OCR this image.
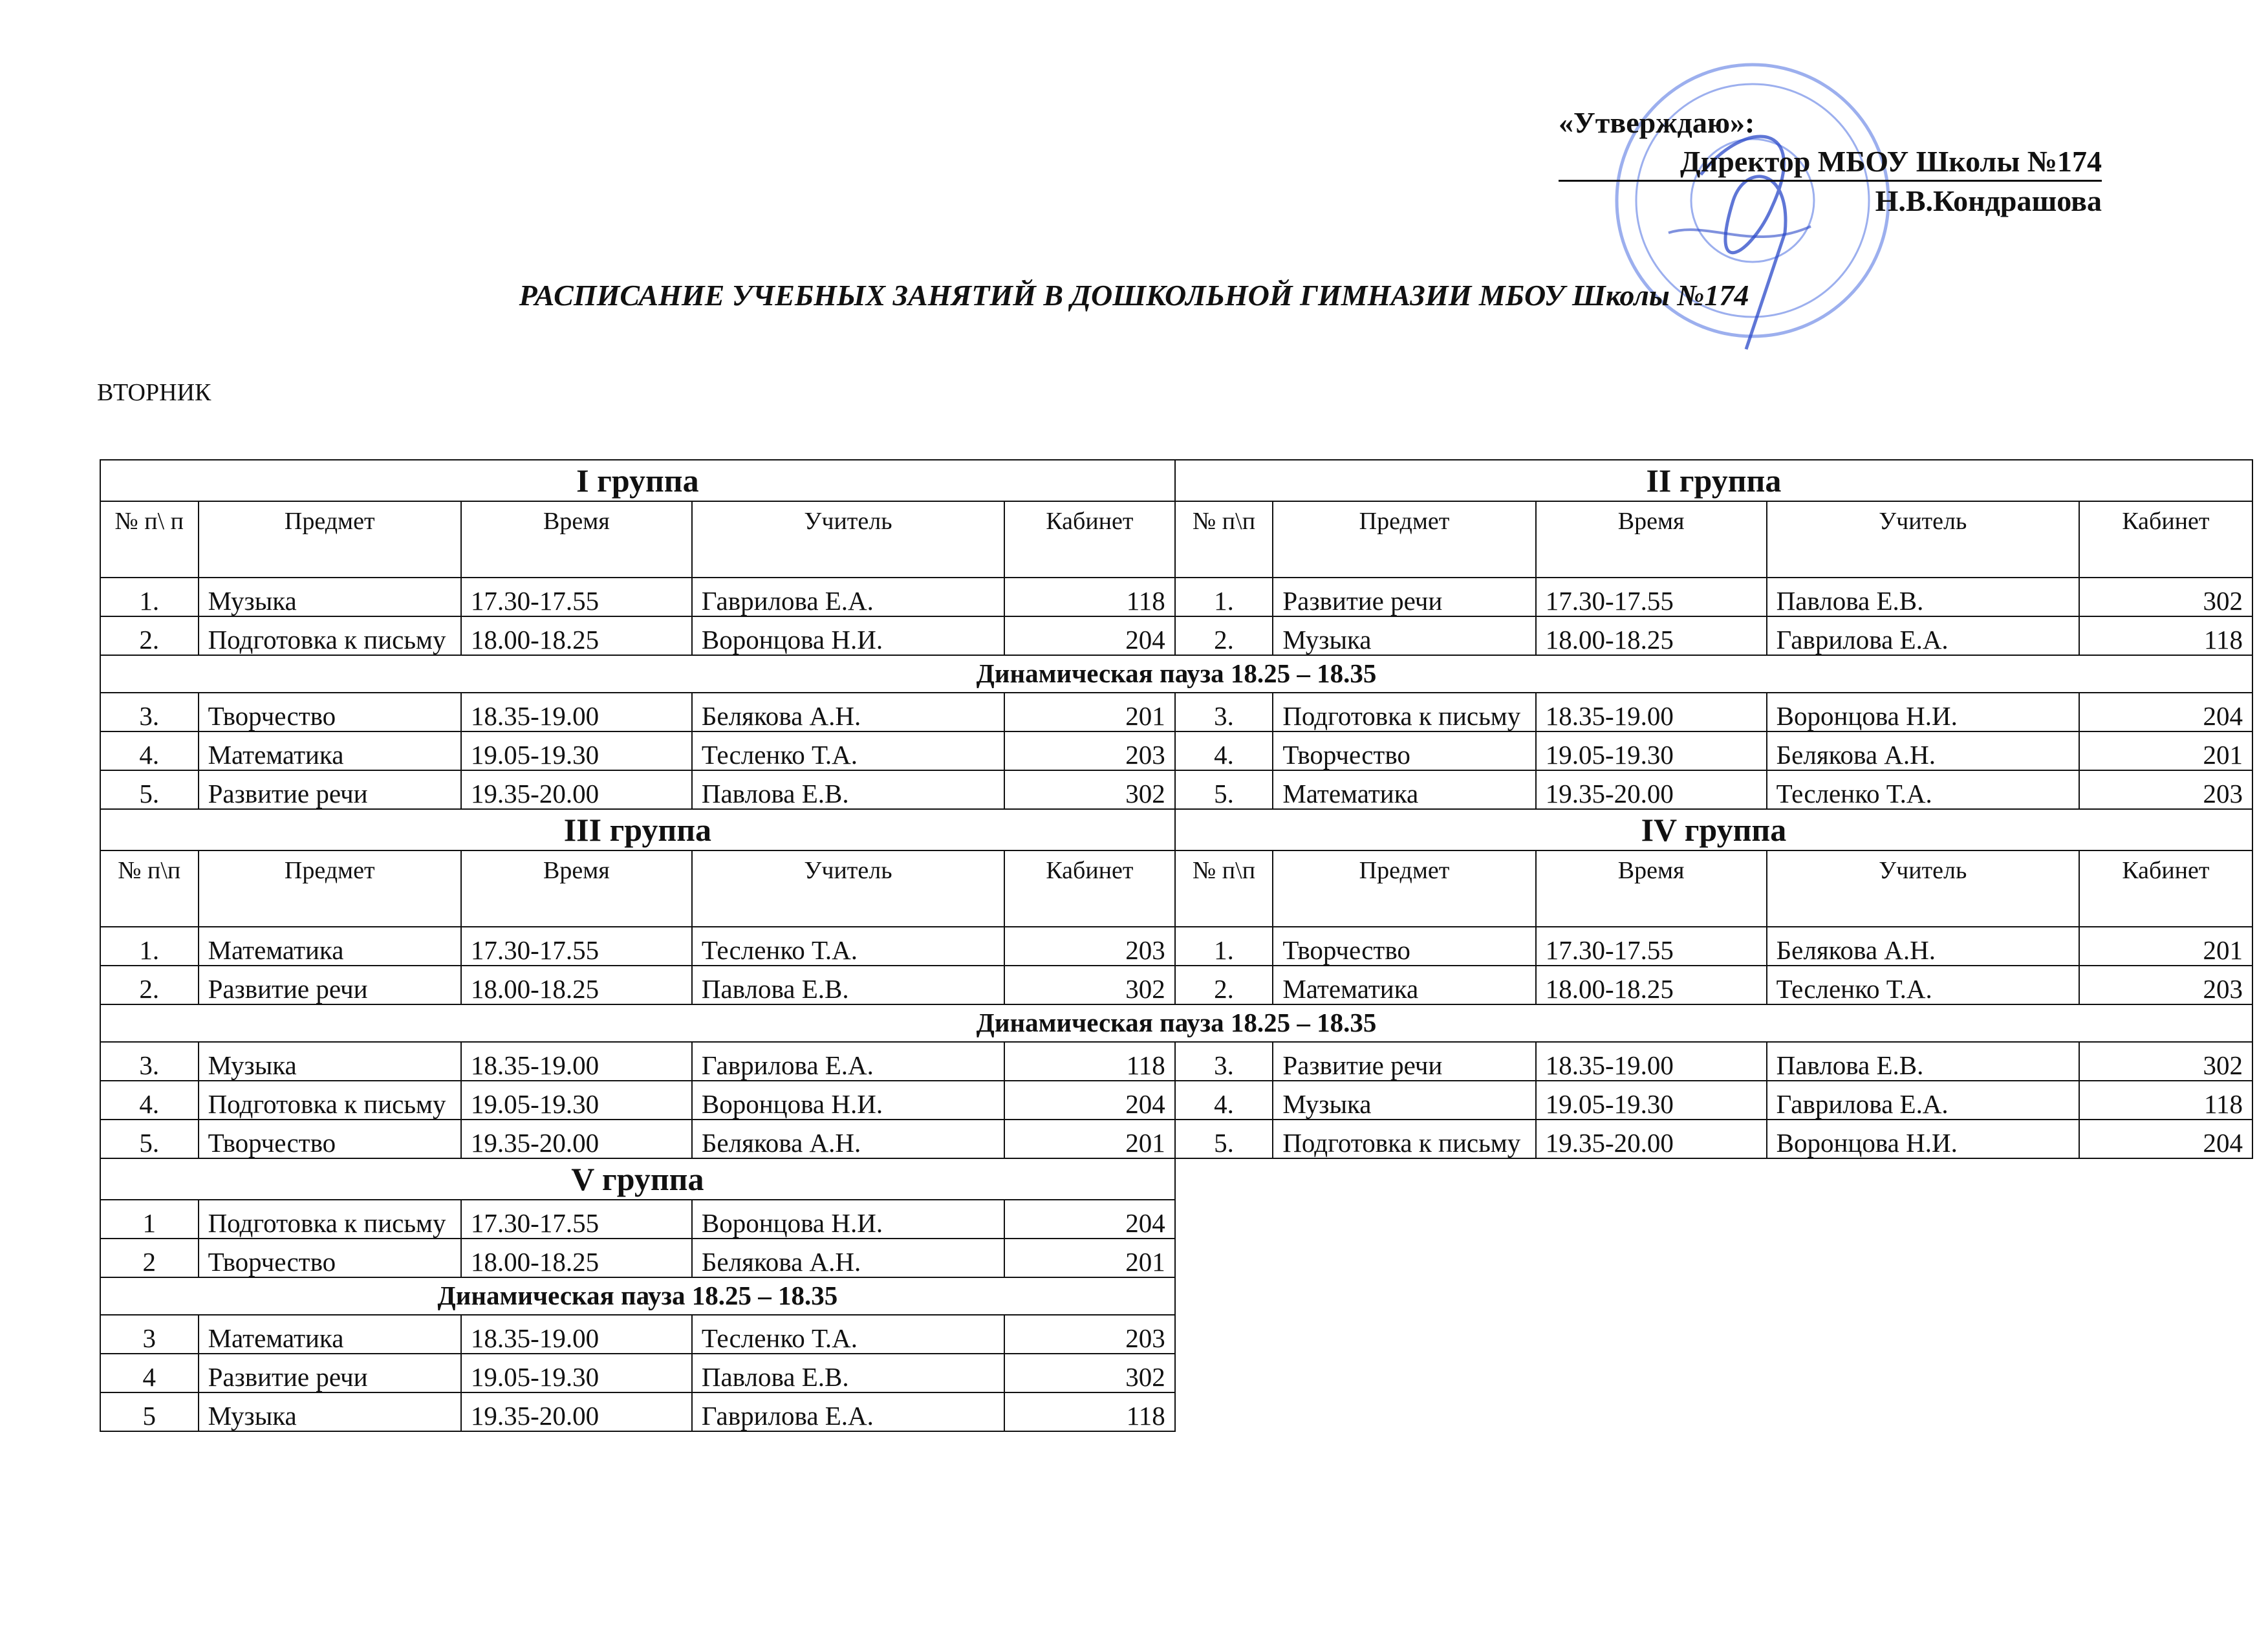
«Утверждаю»:
Директор МБОУ Школы №174
Н.В.Кондрашова
РАСПИСАНИЕ УЧЕБНЫХ ЗАНЯТИЙ В ДОШКОЛЬНОЙ ГИМНАЗИИ МБОУ Школы №174
ВТОРНИК
I группа					II группа				
№ п\ п	Предмет	Время	Учитель	Кабинет	№ п\п	Предмет	Время	Учитель	Кабинет
1.	Музыка	17.30-17.55	Гаврилова Е.А.	118	1.	Развитие речи	17.30-17.55	Павлова Е.В.	302
2.	Подготовка к письму	18.00-18.25	Воронцова Н.И.	204	2.	Музыка	18.00-18.25	Гаврилова Е.А.	118
Динамическая пауза 18.25 – 18.35									
3.	Творчество	18.35-19.00	Белякова А.Н.	201	3.	Подготовка к письму	18.35-19.00	Воронцова Н.И.	204
4.	Математика	19.05-19.30	Тесленко Т.А.	203	4.	Творчество	19.05-19.30	Белякова А.Н.	201
5.	Развитие речи	19.35-20.00	Павлова Е.В.	302	5.	Математика	19.35-20.00	Тесленко Т.А.	203
III группа					IV группа				
№ п\п	Предмет	Время	Учитель	Кабинет	№ п\п	Предмет	Время	Учитель	Кабинет
1.	Математика	17.30-17.55	Тесленко Т.А.	203	1.	Творчество	17.30-17.55	Белякова А.Н.	201
2.	Развитие речи	18.00-18.25	Павлова Е.В.	302	2.	Математика	18.00-18.25	Тесленко Т.А.	203
Динамическая пауза 18.25 – 18.35									
3.	Музыка	18.35-19.00	Гаврилова Е.А.	118	3.	Развитие речи	18.35-19.00	Павлова Е.В.	302
4.	Подготовка к письму	19.05-19.30	Воронцова Н.И.	204	4.	Музыка	19.05-19.30	Гаврилова Е.А.	118
5.	Творчество	19.35-20.00	Белякова А.Н.	201	5.	Подготовка к письму	19.35-20.00	Воронцова Н.И.	204
V группа									
1	Подготовка к письму	17.30-17.55	Воронцова Н.И.	204					
2	Творчество	18.00-18.25	Белякова А.Н.	201					
Динамическая пауза 18.25 – 18.35									
3	Математика	18.35-19.00	Тесленко Т.А.	203					
4	Развитие речи	19.05-19.30	Павлова Е.В.	302					
5	Музыка	19.35-20.00	Гаврилова Е.А.	118					
